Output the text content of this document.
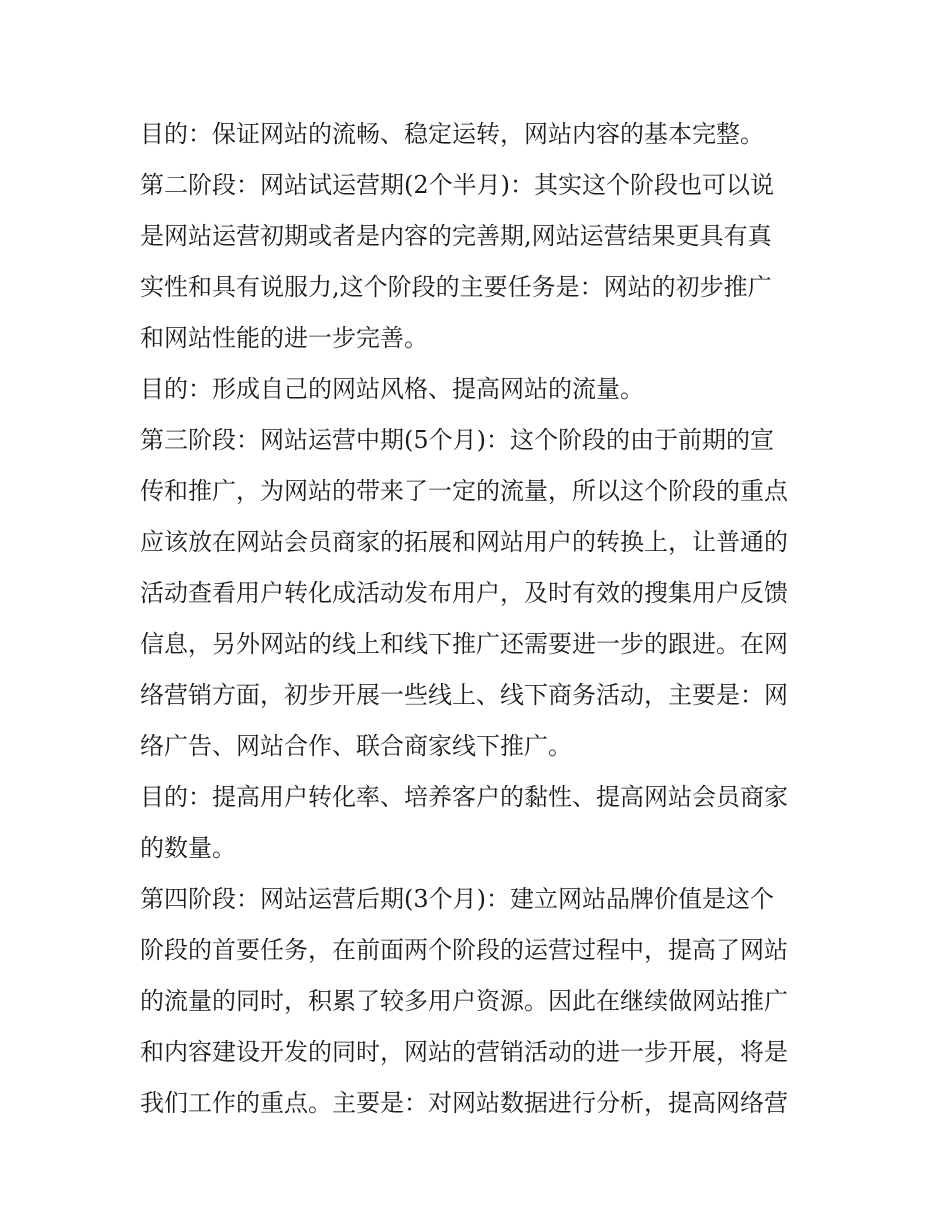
目的：保证网站的流畅、稳定运转，网站内容的基本完整。
第二阶段：网站试运营期(2个半月)：其实这个阶段也可以说
是网站运营初期或者是内容的完善期,网站运营结果更具有真
实性和具有说服力,这个阶段的主要任务是：网站的初步推广
和网站性能的进一步完善。
目的：形成自己的网站风格、提高网站的流量。
第三阶段：网站运营中期(5个月)：这个阶段的由于前期的宣
传和推广，为网站的带来了一定的流量，所以这个阶段的重点
应该放在网站会员商家的拓展和网站用户的转换上，让普通的
活动查看用户转化成活动发布用户，及时有效的搜集用户反馈
信息，另外网站的线上和线下推广还需要进一步的跟进。在网
络营销方面，初步开展一些线上、线下商务活动，主要是：网
络广告、网站合作、联合商家线下推广。
目的：提高用户转化率、培养客户的黏性、提高网站会员商家
的数量。
第四阶段：网站运营后期(3个月)：建立网站品牌价值是这个
阶段的首要任务，在前面两个阶段的运营过程中，提高了网站
的流量的同时，积累了较多用户资源。因此在继续做网站推广
和内容建设开发的同时，网站的营销活动的进一步开展，将是
我们工作的重点。主要是：对网站数据进行分析，提高网络营
